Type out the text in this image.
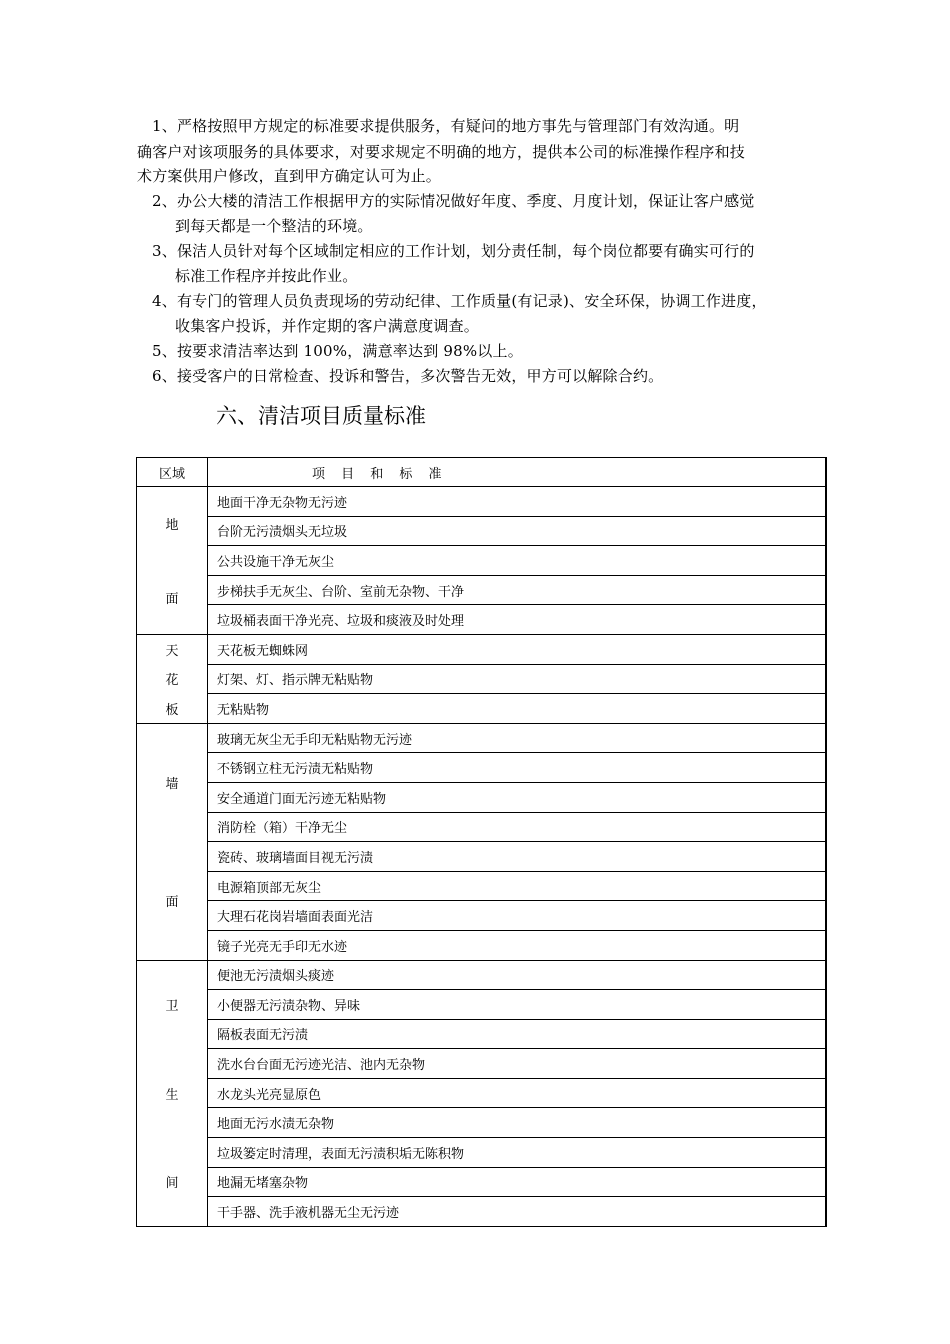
1、严格按照甲方规定的标准要求提供服务，有疑问的地方事先与管理部门有效沟通。明
确客户对该项服务的具体要求，对要求规定不明确的地方，提供本公司的标准操作程序和技
术方案供用户修改，直到甲方确定认可为止。
2、办公大楼的清洁工作根据甲方的实际情况做好年度、季度、月度计划，保证让客户感觉
到每天都是一个整洁的环境。
3、保洁人员针对每个区域制定相应的工作计划，划分责任制，每个岗位都要有确实可行的
标准工作程序并按此作业。
4、有专门的管理人员负责现场的劳动纪律、工作质量(有记录)、安全环保，协调工作进度，
收集客户投诉，并作定期的客户满意度调查。
5、按要求清洁率达到 100%，满意率达到 98%以上。
6、接受客户的日常检查、投诉和警告，多次警告无效，甲方可以解除合约。
六、清洁项目质量标准
区域	项 目 和 标 准

地
面	地面干净无杂物无污迹
	台阶无污渍烟头无垃圾
	公共设施干净无灰尘
	步梯扶手无灰尘、台阶、室前无杂物、干净
	垃圾桶表面干净光亮、垃圾和痰液及时处理

天
花
板	天花板无蜘蛛网
	灯架、灯、指示牌无粘贴物
	无粘贴物

墙
面	玻璃无灰尘无手印无粘贴物无污迹
	不锈钢立柱无污渍无粘贴物
	安全通道门面无污迹无粘贴物
	消防栓（箱）干净无尘
	瓷砖、玻璃墙面目视无污渍
	电源箱顶部无灰尘
	大理石花岗岩墙面表面光洁
	镜子光亮无手印无水迹

卫
生
间	便池无污渍烟头痰迹
	小便器无污渍杂物、异味
	隔板表面无污渍
	洗水台台面无污迹光洁、池内无杂物
	水龙头光亮显原色
	地面无污水渍无杂物
	垃圾篓定时清理，表面无污渍积垢无陈积物
	地漏无堵塞杂物
	干手器、洗手液机器无尘无污迹
